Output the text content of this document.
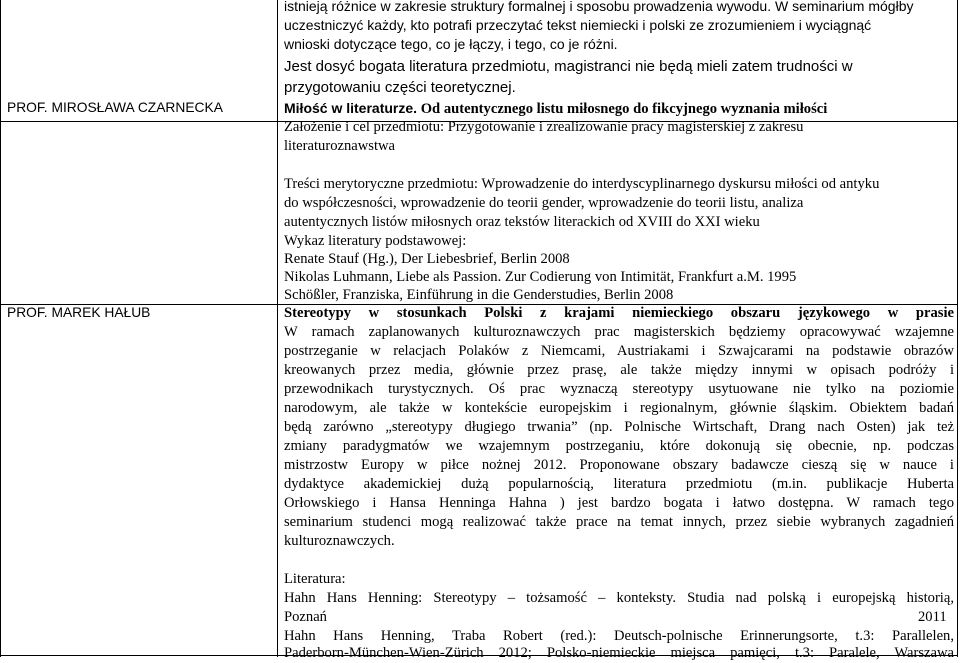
istnieją różnice w zakresie struktury formalnej i sposobu prowadzenia wywodu. W seminarium mógłby
uczestniczyć każdy, kto potrafi przeczytać tekst niemiecki i polski ze zrozumieniem i wyciągnąć
wnioski dotyczące tego, co je łączy, i tego, co je różni.
Jest dosyć bogata literatura przedmiotu, magistranci nie będą mieli zatem trudności w
przygotowaniu części teoretycznej.
PROF. MIROSŁAWA CZARNECKA	Miłość w literaturze. Od autentycznego listu miłosnego do fikcyjnego wyznania miłości
Założenie i cel przedmiotu: Przygotowanie i zrealizowanie pracy magisterskiej z zakresu
literaturoznawstwa
Treści merytoryczne przedmiotu: Wprowadzenie do interdyscyplinarnego dyskursu miłości od antyku
do współczesności, wprowadzenie do teorii gender, wprowadzenie do teorii listu, analiza
autentycznych listów miłosnych oraz tekstów literackich od XVIII do XXI wieku
Wykaz literatury podstawowej:
Renate Stauf (Hg.), Der Liebesbrief, Berlin 2008
Nikolas Luhmann, Liebe als Passion. Zur Codierung von Intimität, Frankfurt a.M. 1995
Schößler, Franziska, Einführung in die Genderstudies, Berlin 2008
PROF. MAREK HAŁUB	Stereotypy w stosunkach Polski z krajami niemieckiego obszaru językowego w prasie
W ramach zaplanowanych kulturoznawczych prac magisterskich będziemy opracowywać wzajemne
postrzeganie w relacjach Polaków z Niemcami, Austriakami i Szwajcarami na podstawie obrazów
kreowanych przez media, głównie przez prasę, ale także między innymi w opisach podróży i
przewodnikach turystycznych. Oś prac wyznaczą stereotypy usytuowane nie tylko na poziomie
narodowym, ale także w kontekście europejskim i regionalnym, głównie śląskim. Obiektem badań
będą zarówno „stereotypy długiego trwania” (np. Polnische Wirtschaft, Drang nach Osten) jak też
zmiany paradygmatów we wzajemnym postrzeganiu, które dokonują się obecnie, np. podczas
mistrzostw Europy w piłce nożnej 2012. Proponowane obszary badawcze cieszą się w nauce i
dydaktyce akademickiej dużą popularnością, literatura przedmiotu (m.in. publikacje Huberta
Orłowskiego i Hansa Henninga Hahna ) jest bardzo bogata i łatwo dostępna. W ramach tego
seminarium studenci mogą realizować także prace na temat innych, przez siebie wybranych zagadnień
kulturoznawczych.
Literatura:
Hahn Hans Henning: Stereotypy – tożsamość – konteksty. Studia nad polską i europejską historią,
Poznań	2011
Hahn Hans Henning, Traba Robert (red.): Deutsch-polnische Erinnerungsorte, t.3: Parallelen,
Paderborn-München-Wien-Zürich 2012; Polsko-niemieckie miejsca pamięci, t.3: Paralele, Warszawa
